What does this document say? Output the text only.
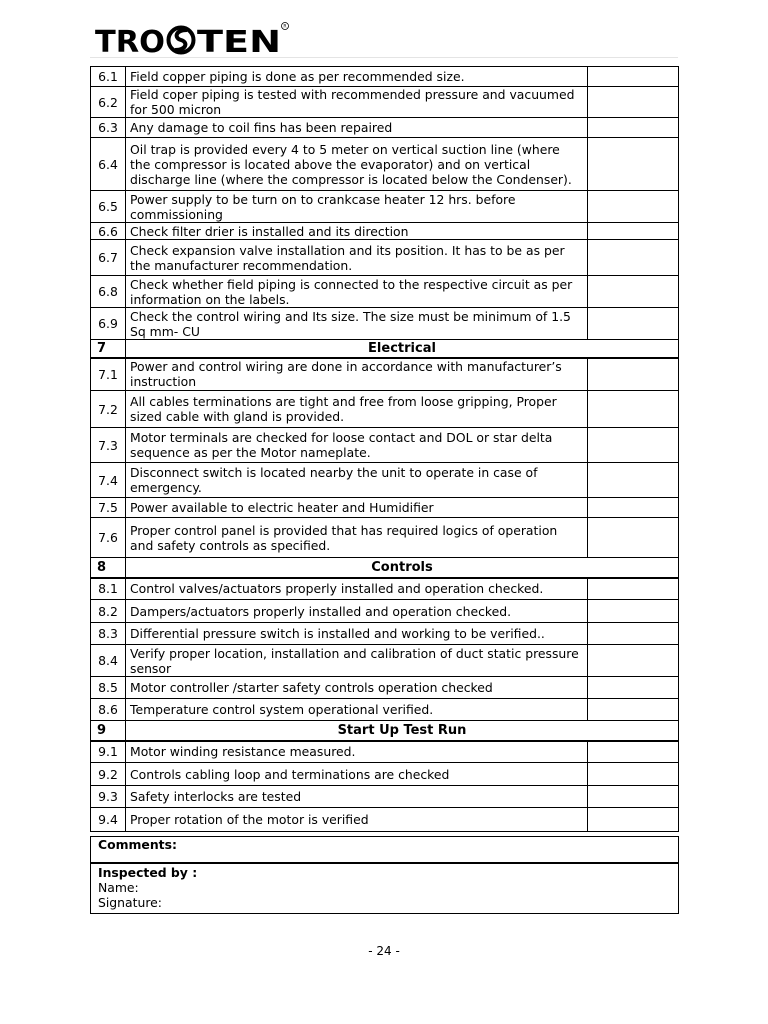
TRO TEN R
6.1	Field copper piping is done as per recommended size.	
6.2	Field coper piping is tested with recommended pressure and vacuumed for 500 micron	
6.3	Any damage to coil fins has been repaired	
6.4	Oil trap is provided every 4 to 5 meter on vertical suction line (where the compressor is located above the evaporator) and on vertical discharge line (where the compressor is located below the Condenser).	
6.5	Power supply to be turn on to crankcase heater 12 hrs. before commissioning	
6.6	Check filter drier is installed and its direction	
6.7	Check expansion valve installation and its position. It has to be as per the manufacturer recommendation.	
6.8	Check whether field piping is connected to the respective circuit as per information on the labels.	
6.9	Check the control wiring and Its size. The size must be minimum of 1.5 Sq mm- CU	
7	Electrical	
7.1	Power and control wiring are done in accordance with manufacturer’s instruction	
7.2	All cables terminations are tight and free from loose gripping, Proper sized cable with gland is provided.	
7.3	Motor terminals are checked for loose contact and DOL or star delta sequence as per the Motor nameplate.	
7.4	Disconnect switch is located nearby the unit to operate in case of emergency.	
7.5	Power available to electric heater and Humidifier	
7.6	Proper control panel is provided that has required logics of operation and safety controls as specified.	
8	Controls	
8.1	Control valves/actuators properly installed and operation checked.	
8.2	Dampers/actuators properly installed and operation checked.	
8.3	Differential pressure switch is installed and working to be verified..	
8.4	Verify proper location, installation and calibration of duct static pressure sensor	
8.5	Motor controller /starter safety controls operation checked	
8.6	Temperature control system operational verified.	
9	Start Up Test Run	
9.1	Motor winding resistance measured.	
9.2	Controls cabling loop and terminations are checked	
9.3	Safety interlocks are tested	
9.4	Proper rotation of the motor is verified	
Comments:
Inspected by :
Name:
Signature:
- 24 -
